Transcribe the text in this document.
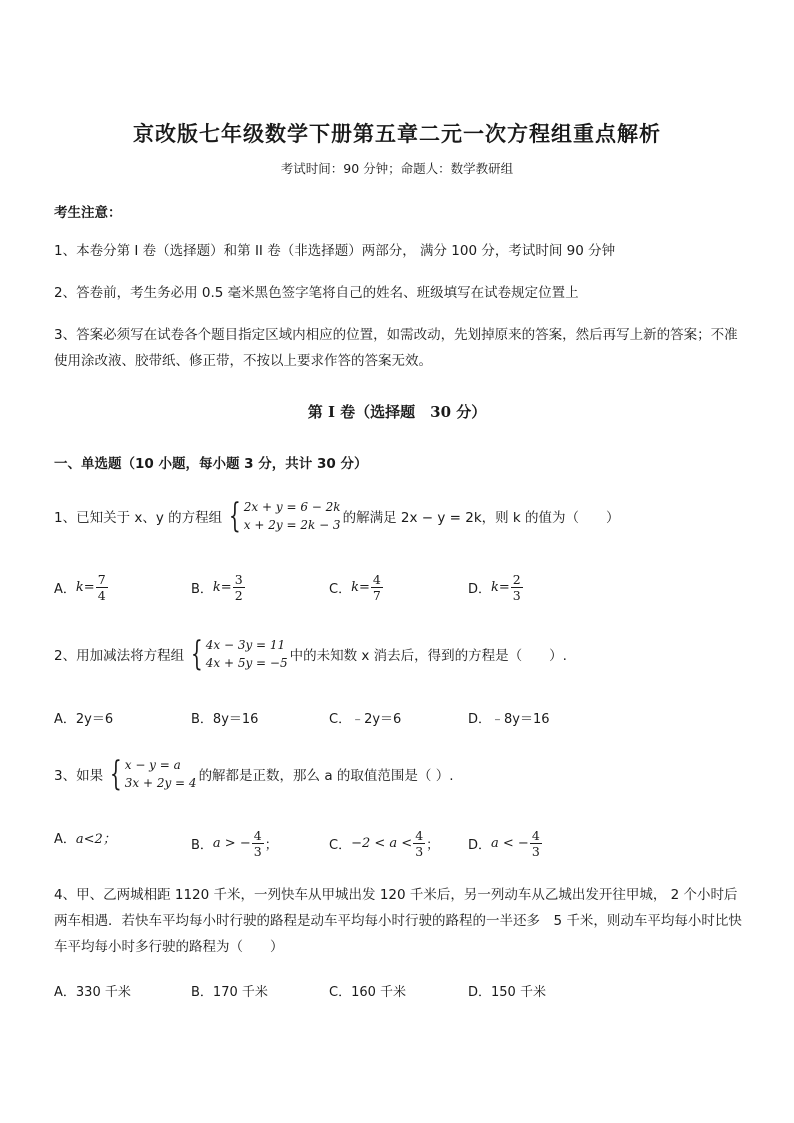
京改版七年级数学下册第五章二元一次方程组重点解析
考试时间：90 分钟；命题人：数学教研组
考生注意：
1、本卷分第 I 卷（选择题）和第 II 卷（非选择题）两部分， 满分 100 分，考试时间 90 分钟
2、答卷前，考生务必用 0.5 毫米黑色签字笔将自己的姓名、班级填写在试卷规定位置上
3、答案必须写在试卷各个题目指定区域内相应的位置，如需改动，先划掉原来的答案，然后再写上新的答案；不准使用涂改液、胶带纸、修正带，不按以上要求作答的答案无效。
第 I 卷（选择题　30 分）
一、单选题（10 小题，每小题 3 分，共计 30 分）
1、已知关于 x、y 的方程组 { 2x + y = 6 − 2k
x + 2y = 2k − 3 的解满足 2x − y = 2k，则 k 的值为（　　）
A． $k= \frac{7}{4}$	B． $k= \frac{3}{2}$	C． $k= \frac{4}{7}$	D． $k= \frac{2}{3}$
2、用加减法将方程组 { 4x − 3y = 11
4x + 5y = −5 中的未知数 x 消去后，得到的方程是（　　）.
A． 2y＝6	B． 8y＝16	C． ﹣2y＝6	D． ﹣8y＝16
3、如果 { x − y = a
3x + 2y = 4 的解都是正数，那么 a 的取值范围是（ ）.
A． a<2；	B． a > − $\frac{4}{3}$ ；	C． $-2 < a < \frac{4}{3}$ ； D． a < − $\frac{4}{3}$
4、甲、乙两城相距 1120 千米，一列快车从甲城出发 120 千米后，另一列动车从乙城出发开往甲城， 2 个小时后两车相遇．若快车平均每小时行驶的路程是动车平均每小时行驶的路程的一半还多　5 千米，则动车平均每小时比快车平均每小时多行驶的路程为（　　）
A． 330 千米	B． 170 千米	C． 160 千米	D． 150 千米
